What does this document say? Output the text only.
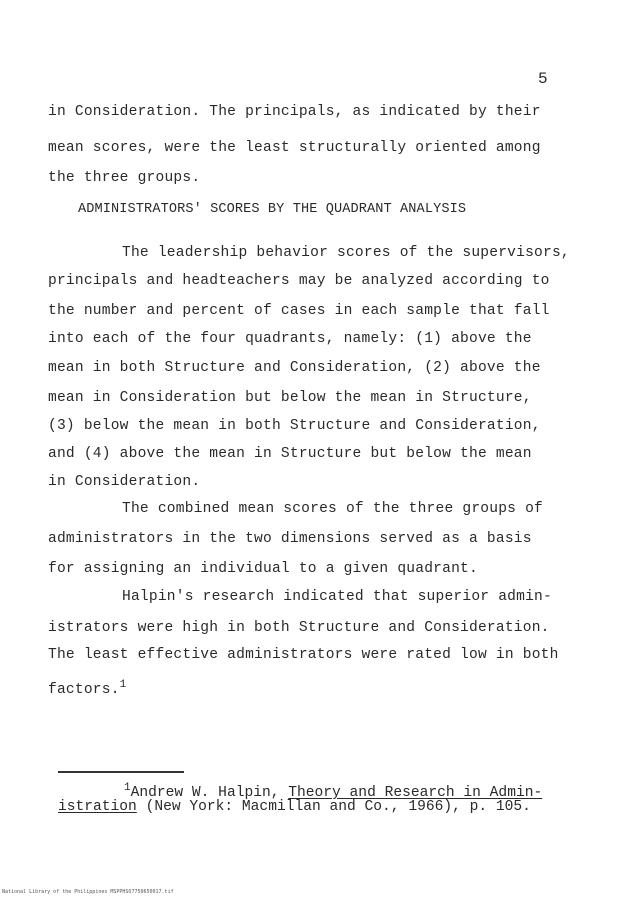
5
in Consideration. The principals, as indicated by their
mean scores, were the least structurally oriented among
the three groups.
ADMINISTRATORS' SCORES BY THE QUADRANT ANALYSIS
The leadership behavior scores of the supervisors,
principals and headteachers may be analyzed according to
the number and percent of cases in each sample that fall
into each of the four quadrants, namely: (1) above the
mean in both Structure and Consideration, (2) above the
mean in Consideration but below the mean in Structure,
(3) below the mean in both Structure and Consideration,
and (4) above the mean in Structure but below the mean
in Consideration.
The combined mean scores of the three groups of
administrators in the two dimensions served as a basis
for assigning an individual to a given quadrant.
Halpin's research indicated that superior admin-
istrators were high in both Structure and Consideration.
The least effective administrators were rated low in both
factors.$^1$
$^1$Andrew W. Halpin, Theory and Research in Admin-
istration (New York: Macmillan and Co., 1966), p. 105.
National Library of the Philippines MSPPHSO7750650017.tif
